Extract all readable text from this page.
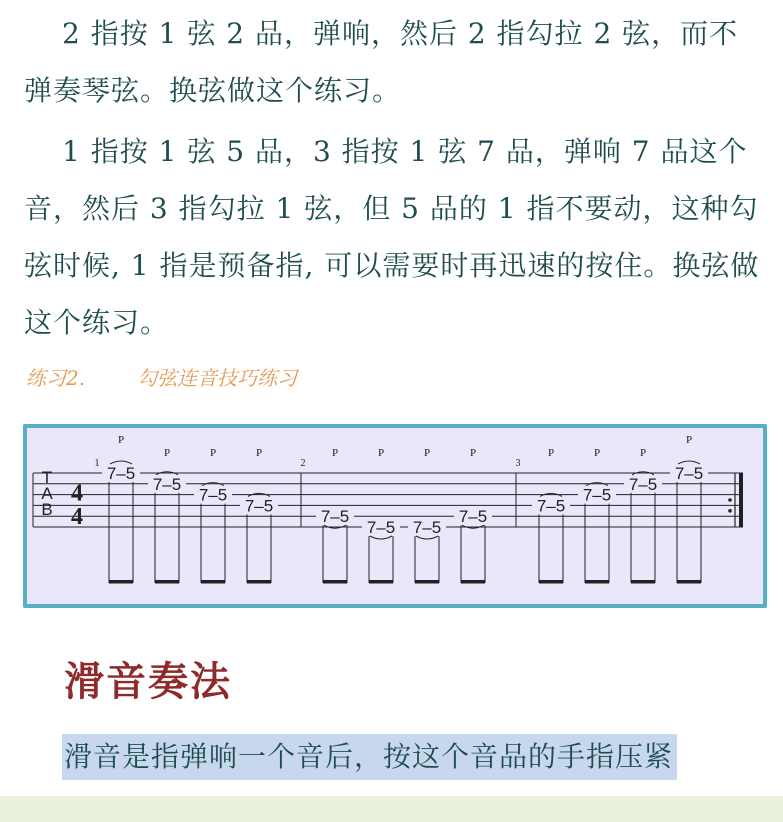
2 指按 1 弦 2 品，弹响，然后 2 指勾拉 2 弦，而不弹奏琴弦。换弦做这个练习。

1 指按 1 弦 5 品，3 指按 1 弦 7 品，弹响 7 品这个音，然后 3 指勾拉 1 弦，但 5 品的 1 指不要动，这种勾弦时候, 1 指是预备指, 可以需要时再迅速的按住。换弦做这个练习。

练习2.	勾弦连音技巧练习
T
A
B
4
4
1	2	3
7–5
P
7–5
P
7–5
P
7–5
P
7–5
P
7–5
P
7–5
P
7–5
P
7–5
P
7–5
P
7–5
P
7–5
P
滑音奏法
滑音是指弹响一个音后，按这个音品的手指压紧
